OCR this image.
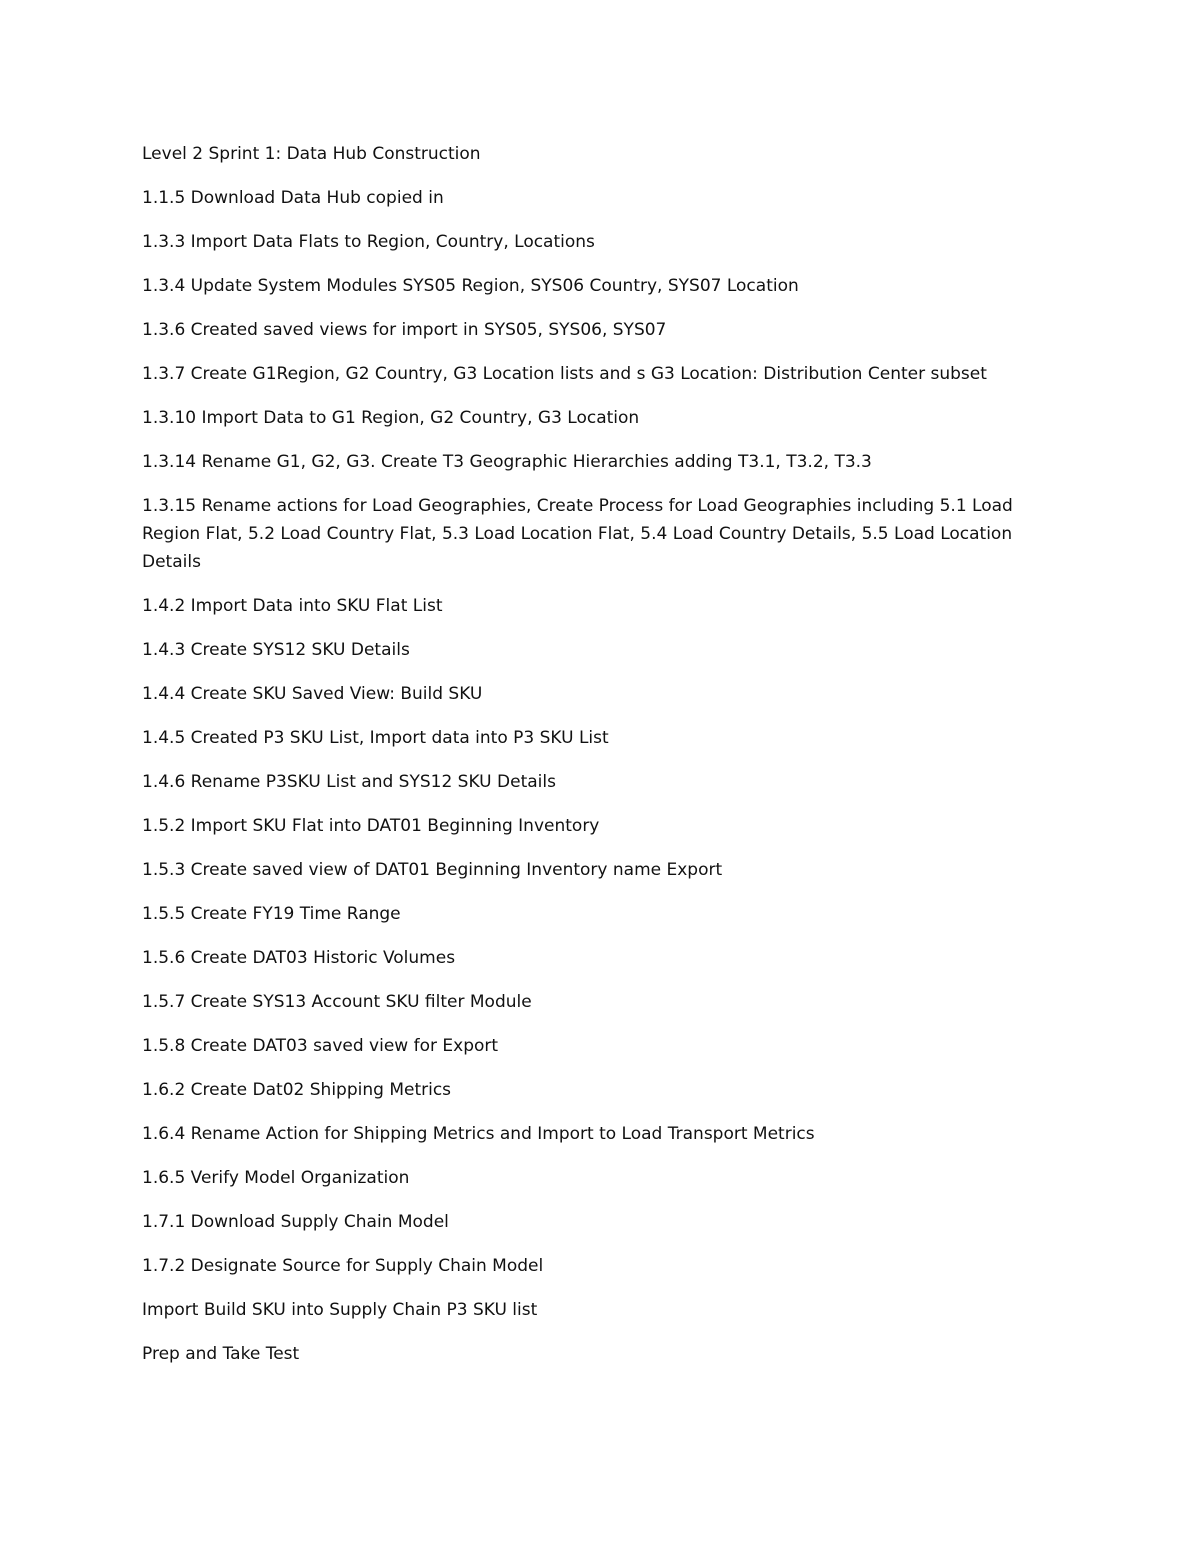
Level 2 Sprint 1: Data Hub Construction

1.1.5 Download Data Hub copied in

1.3.3 Import Data Flats to Region, Country, Locations

1.3.4 Update System Modules SYS05 Region, SYS06 Country, SYS07 Location

1.3.6 Created saved views for import in SYS05, SYS06, SYS07

1.3.7 Create G1Region, G2 Country, G3 Location lists and s G3 Location: Distribution Center subset

1.3.10 Import Data to G1 Region, G2 Country, G3 Location

1.3.14 Rename G1, G2, G3. Create T3 Geographic Hierarchies adding T3.1, T3.2, T3.3

1.3.15 Rename actions for Load Geographies, Create Process for Load Geographies including 5.1 Load Region Flat, 5.2 Load Country Flat, 5.3 Load Location Flat, 5.4 Load Country Details, 5.5 Load Location Details

1.4.2 Import Data into SKU Flat List

1.4.3 Create SYS12 SKU Details

1.4.4 Create SKU Saved View: Build SKU

1.4.5 Created P3 SKU List, Import data into P3 SKU List

1.4.6 Rename P3SKU List and SYS12 SKU Details

1.5.2 Import SKU Flat into DAT01 Beginning Inventory

1.5.3 Create saved view of DAT01 Beginning Inventory name Export

1.5.5 Create FY19 Time Range

1.5.6 Create DAT03 Historic Volumes

1.5.7 Create SYS13 Account SKU filter Module

1.5.8 Create DAT03 saved view for Export

1.6.2 Create Dat02 Shipping Metrics

1.6.4 Rename Action for Shipping Metrics and Import to Load Transport Metrics

1.6.5 Verify Model Organization

1.7.1 Download Supply Chain Model

1.7.2 Designate Source for Supply Chain Model

Import Build SKU into Supply Chain P3 SKU list

Prep and Take Test
